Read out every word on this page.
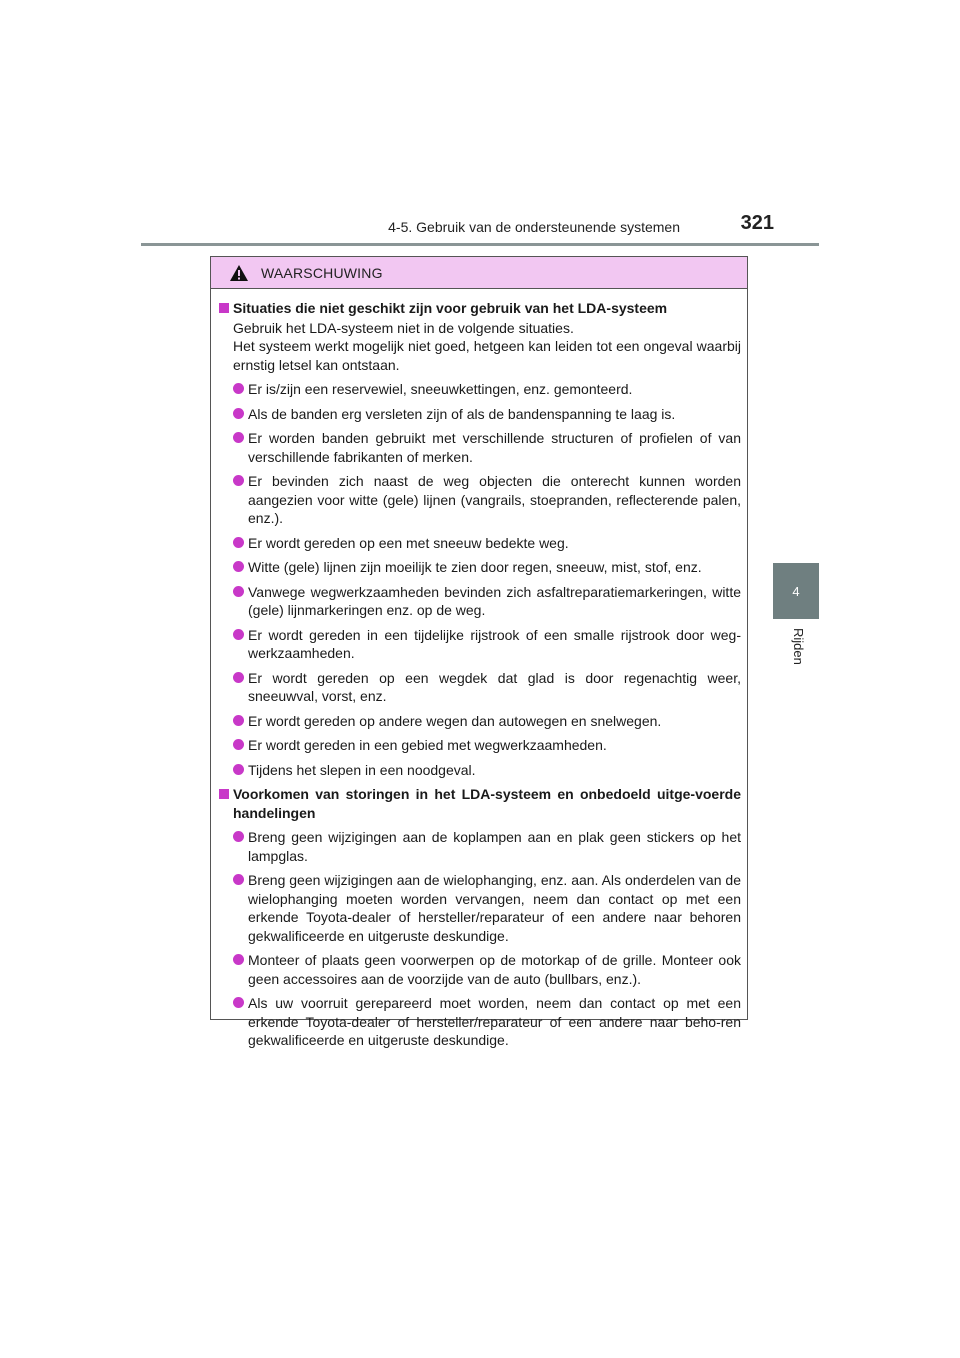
4-5. Gebruik van de ondersteunende systemen	321
4
Rijden
WAARSCHUWING
Situaties die niet geschikt zijn voor gebruik van het LDA-systeem
Gebruik het LDA-systeem niet in de volgende situaties.
Het systeem werkt mogelijk niet goed, hetgeen kan leiden tot een ongeval waarbij ernstig letsel kan ontstaan.
Er is/zijn een reservewiel, sneeuwkettingen, enz. gemonteerd.
Als de banden erg versleten zijn of als de bandenspanning te laag is.
Er worden banden gebruikt met verschillende structuren of profielen of van verschillende fabrikanten of merken.
Er bevinden zich naast de weg objecten die onterecht kunnen worden aangezien voor witte (gele) lijnen (vangrails, stoepranden, reflecterende palen, enz.).
Er wordt gereden op een met sneeuw bedekte weg.
Witte (gele) lijnen zijn moeilijk te zien door regen, sneeuw, mist, stof, enz.
Vanwege wegwerkzaamheden bevinden zich asfaltreparatiemarkeringen, witte (gele) lijnmarkeringen enz. op de weg.
Er wordt gereden in een tijdelijke rijstrook of een smalle rijstrook door weg-werkzaamheden.
Er wordt gereden op een wegdek dat glad is door regenachtig weer, sneeuwval, vorst, enz.
Er wordt gereden op andere wegen dan autowegen en snelwegen.
Er wordt gereden in een gebied met wegwerkzaamheden.
Tijdens het slepen in een noodgeval.
Voorkomen van storingen in het LDA-systeem en onbedoeld uitge-voerde handelingen
Breng geen wijzigingen aan de koplampen aan en plak geen stickers op het lampglas.
Breng geen wijzigingen aan de wielophanging, enz. aan. Als onderdelen van de wielophanging moeten worden vervangen, neem dan contact op met een erkende Toyota-dealer of hersteller/reparateur of een andere naar behoren gekwalificeerde en uitgeruste deskundige.
Monteer of plaats geen voorwerpen op de motorkap of de grille. Monteer ook geen accessoires aan de voorzijde van de auto (bullbars, enz.).
Als uw voorruit gerepareerd moet worden, neem dan contact op met een erkende Toyota-dealer of hersteller/reparateur of een andere naar beho-ren gekwalificeerde en uitgeruste deskundige.
